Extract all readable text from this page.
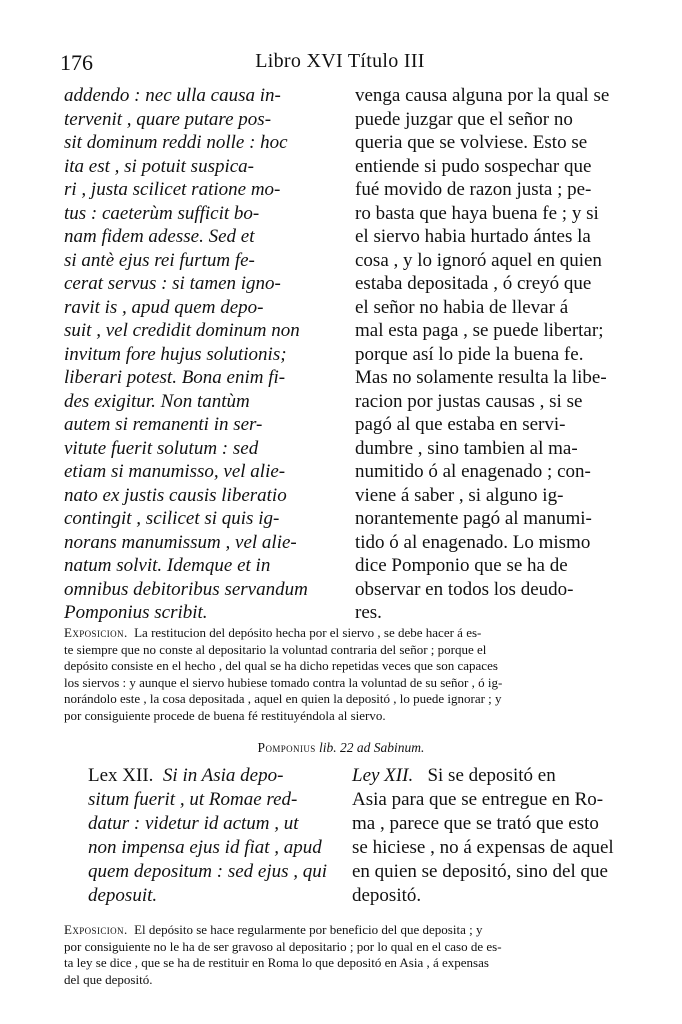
176	Libro XVI Título III
addendo : nec ulla causa in-
tervenit , quare putare pos-
sit dominum reddi nolle : hoc
ita est , si potuit suspica-
ri , justa scilicet ratione mo-
tus : caeterùm sufficit bo-
nam fidem adesse. Sed et
si antè ejus rei furtum fe-
cerat servus : si tamen igno-
ravit is , apud quem depo-
suit , vel credidit dominum non
invitum fore hujus solutionis;
liberari potest. Bona enim fi-
des exigitur. Non tantùm
autem si remanenti in ser-
vitute fuerit solutum : sed
etiam si manumisso, vel alie-
nato ex justis causis liberatio
contingit , scilicet si quis ig-
norans manumissum , vel alie-
natum solvit. Idemque et in
omnibus debitoribus servandum
Pomponius scribit.
venga causa alguna por la qual se
puede juzgar que el señor no
queria que se volviese. Esto se
entiende si pudo sospechar que
fué movido de razon justa ; pe-
ro basta que haya buena fe ; y si
el siervo habia hurtado ántes la
cosa , y lo ignoró aquel en quien
estaba depositada , ó creyó que
el señor no habia de llevar á
mal esta paga , se puede libertar;
porque así lo pide la buena fe.
Mas no solamente resulta la libe-
racion por justas causas , si se
pagó al que estaba en servi-
dumbre , sino tambien al ma-
numitido ó al enagenado ; con-
viene á saber , si alguno ig-
norantemente pagó al manumi-
tido ó al enagenado. Lo mismo
dice Pomponio que se ha de
observar en todos los deudo-
res.
Exposicion. La restitucion del depósito hecha por el siervo , se debe hacer á es-
te siempre que no conste al depositario la voluntad contraria del señor ; porque el
depósito consiste en el hecho , del qual se ha dicho repetidas veces que son capaces
los siervos : y aunque el siervo hubiese tomado contra la voluntad de su señor , ó ig-
norándolo este , la cosa depositada , aquel en quien la depositó , lo puede ignorar ; y
por consiguiente procede de buena fé restituyéndola al siervo.
Pomponius lib. 22 ad Sabinum.
Lex XII. Si in Asia depo-
situm fuerit , ut Romae red-
datur : videtur id actum , ut
non impensa ejus id fiat , apud
quem depositum : sed ejus , qui
deposuit.
Ley XII. Si se depositó en
Asia para que se entregue en Ro-
ma , parece que se trató que esto
se hiciese , no á expensas de aquel
en quien se depositó, sino del que
depositó.
Exposicion. El depósito se hace regularmente por beneficio del que deposita ; y
por consiguiente no le ha de ser gravoso al depositario ; por lo qual en el caso de es-
ta ley se dice , que se ha de restituir en Roma lo que depositó en Asia , á expensas
del que depositó.
